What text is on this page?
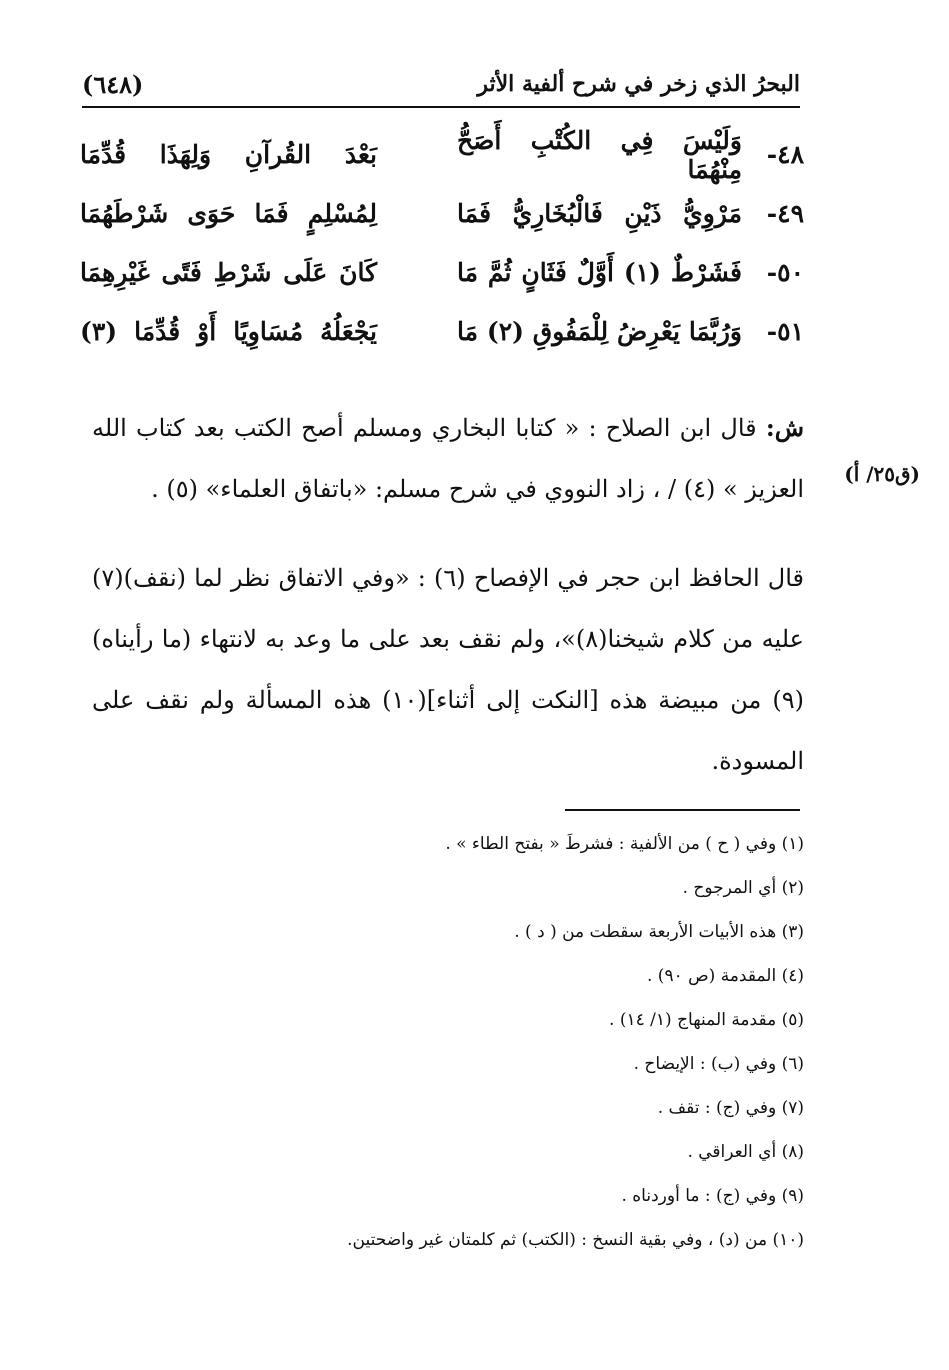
البحرُ الذي زخر في شرح ألفية الأثر
(٦٤٨)
٤٨-
وَلَيْسَ فِي الكُتْبِ أَصَحُّ مِنْهُمَا
بَعْدَ القُرآنِ وَلِهَذَا قُدِّمَا
٤٩-
مَرْوِيُّ ذَيْنِ فَالْبُخَارِيُّ فَمَا
لِمُسْلِمٍ فَمَا حَوَى شَرْطَهُمَا
٥٠-
فَشَرْطٌ (١) أَوَّلٌ فَثَانٍ ثُمَّ مَا
كَانَ عَلَى شَرْطِ فَتًى غَيْرِهِمَا
٥١-
وَرُبَّمَا يَعْرِضُ لِلْمَفُوقِ (٢) مَا
يَجْعَلُهُ مُسَاوِيًا أَوْ قُدِّمَا (٣)

ش: قال ابن الصلاح : « كتابا البخاري ومسلم أصح الكتب بعد كتاب الله العزيز » (٤) / ، زاد النووي في شرح مسلم: «باتفاق العلماء» (٥) .

قال الحافظ ابن حجر في الإفصاح (٦) : «وفي الاتفاق نظر لما (نقف)(٧) عليه من كلام شيخنا(٨)»، ولم نقف بعد على ما وعد به لانتهاء (ما رأيناه)(٩) من مبيضة هذه [النكت إلى أثناء](١٠) هذه المسألة ولم نقف على المسودة.

(ق٢٥/ أ)
(١) وفي ( ح ) من الألفية : فشرطَ « بفتح الطاء » .
(٢) أي المرجوح .
(٣) هذه الأبيات الأربعة سقطت من ( د ) .
(٤) المقدمة (ص ٩٠) .
(٥) مقدمة المنهاج (١/ ١٤) .
(٦) وفي (ب) : الإيضاح .
(٧) وفي (ج) : تقف .
(٨) أي العراقي .
(٩) وفي (ج) : ما أوردناه .
(١٠) من (د) ، وفي بقية النسخ : (الكتب) ثم كلمتان غير واضحتين.
